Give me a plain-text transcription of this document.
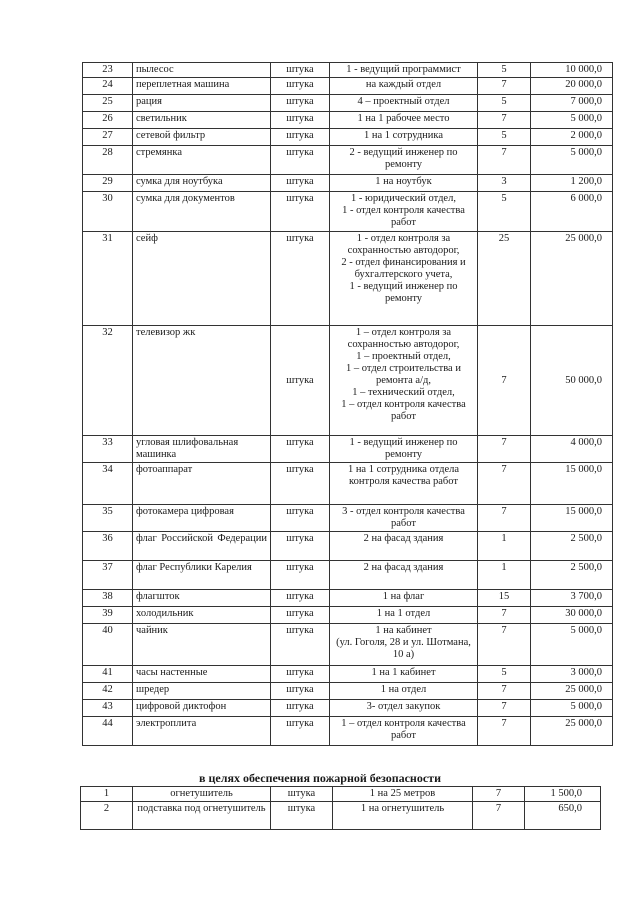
23	пылесос	штука	1 - ведущий программист	5	10 000,0
24	переплетная машина	штука	на каждый отдел	7	20 000,0
25	рация	штука	4 – проектный отдел	5	7 000,0
26	светильник	штука	1 на 1 рабочее место	7	5 000,0
27	сетевой фильтр	штука	1 на 1 сотрудника	5	2 000,0
28	стремянка	штука	2 - ведущий инженер по ремонту	7	5 000,0
29	сумка для ноутбука	штука	1 на ноутбук	3	1 200,0
30	сумка для документов	штука	1 - юридический отдел,
1 - отдел контроля качества работ	5	6 000,0
31	сейф	штука	1 - отдел контроля за сохранностью автодорог,
2 - отдел финансирования и бухгалтерского учета,
1 - ведущий инженер по ремонту	25	25 000,0
32	телевизор жк	штука	1 – отдел контроля за сохранностью автодорог,
1 – проектный отдел,
1 – отдел строительства и ремонта а/д,
1 – технический отдел,
1 – отдел контроля качества работ	7	50 000,0
33	угловая шлифовальная машинка	штука	1 - ведущий инженер по ремонту	7	4 000,0
34	фотоаппарат	штука	1 на 1 сотрудника отдела контроля качества работ	7	15 000,0
35	фотокамера цифровая	штука	3 - отдел контроля качества работ	7	15 000,0
36	флаг Российской Федерации	штука	2 на фасад здания	1	2 500,0
37	флаг Республики Карелия	штука	2 на фасад здания	1	2 500,0
38	флагшток	штука	1 на флаг	15	3 700,0
39	холодильник	штука	1 на 1 отдел	7	30 000,0
40	чайник	штука	1 на кабинет
(ул. Гоголя, 28 и ул. Шотмана, 10 а)	7	5 000,0
41	часы настенные	штука	1 на 1 кабинет	5	3 000,0
42	шредер	штука	1 на отдел	7	25 000,0
43	цифровой диктофон	штука	3- отдел закупок	7	5 000,0
44	электроплита	штука	1 – отдел контроля качества работ	7	25 000,0
в целях обеспечения пожарной безопасности
1	огнетушитель	штука	1 на 25 метров	7	1 500,0
2	подставка под огнетушитель	штука	1 на огнетушитель	7	650,0
